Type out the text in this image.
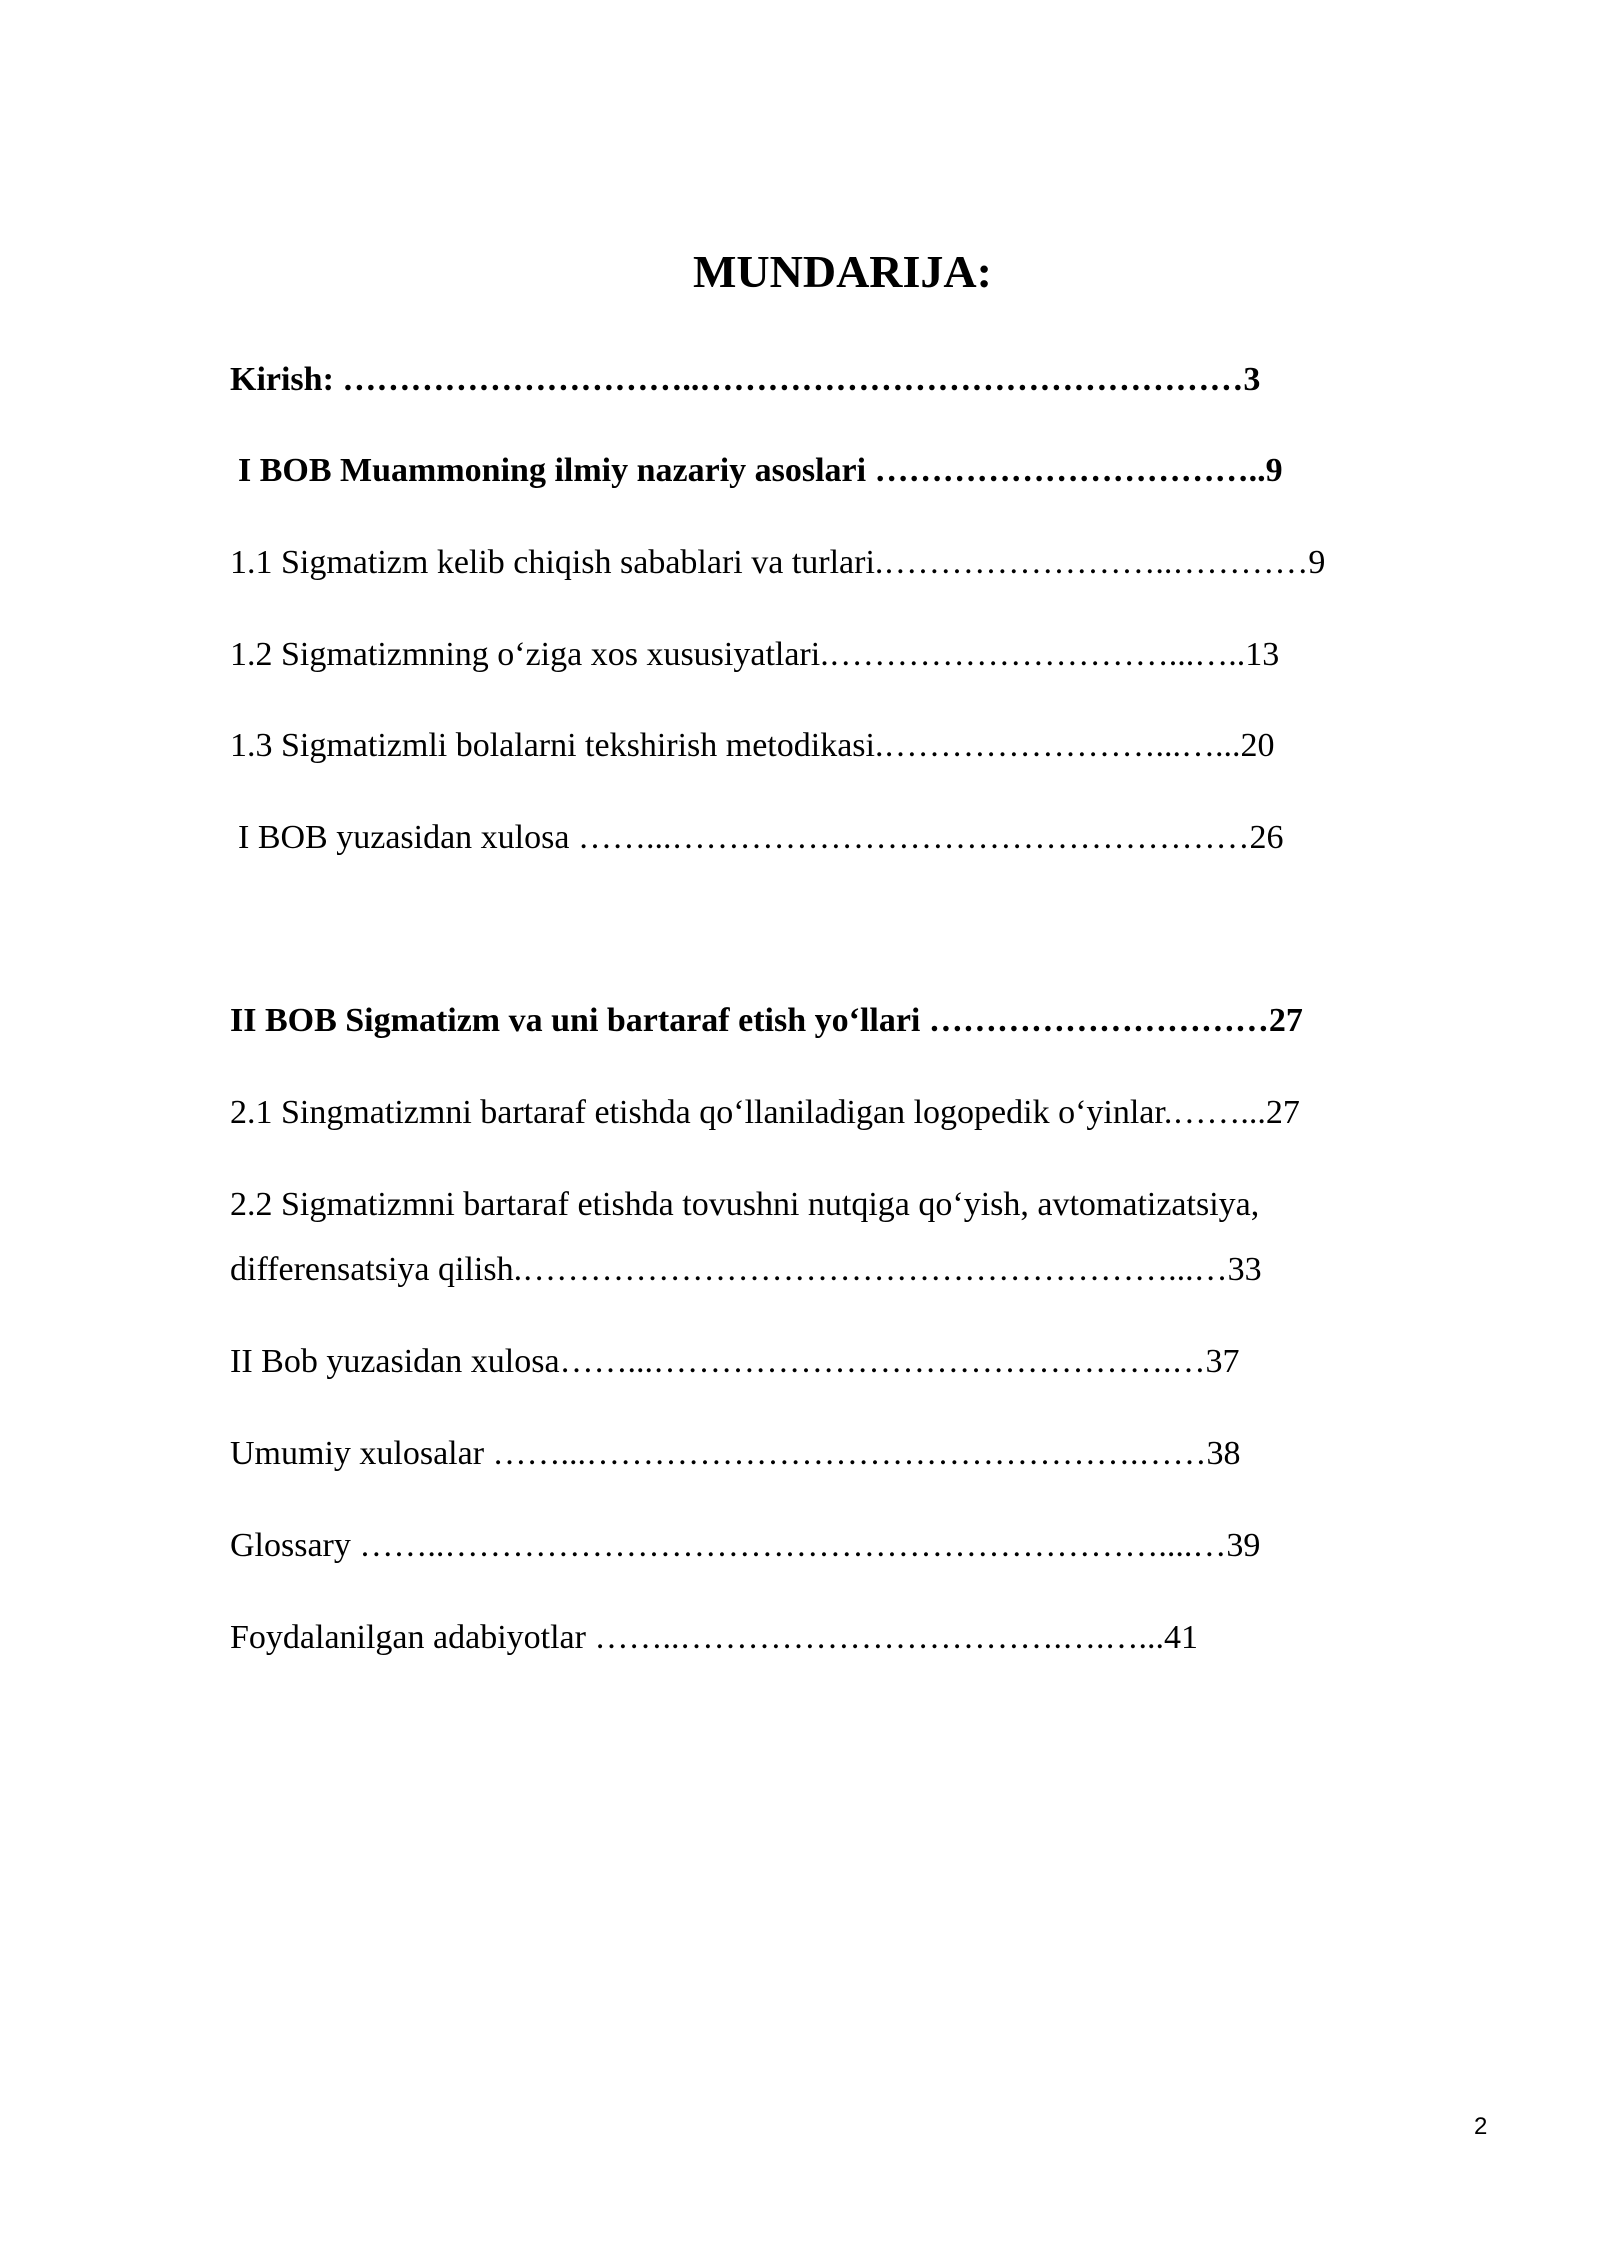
MUNDARIJA:
Kirish: …………………………..…………………………………………3
I BOB Muammoning ilmiy nazariy asoslari ……………………………..9
1.1 Sigmatizm kelib chiqish sabablari va turlari.……………………..…………9
1.2 Sigmatizmning o‘ziga xos xususiyatlari.…………………………...…..13
1.3 Sigmatizmli bolalarni tekshirish metodikasi.……………………...…...20
I BOB yuzasidan xulosa ……...……………………………………………26
II BOB Sigmatizm va uni bartaraf etish yo‘llari …………………………27
2.1 Singmatizmni bartaraf etishda qo‘llaniladigan logopedik o‘yinlar.……...27
2.2 Sigmatizmni bartaraf etishda tovushni nutqiga qo‘yish, avtomatizatsiya,
differensatsiya qilish.…………………………………………………...…33
II Bob yuzasidan xulosa……...……………………………………….…37
Umumiy xulosalar ……...………………………………………….……38
Glossary ……..………………………………………………………....…39
Foydalanilgan adabiyotlar ……..…………………………….….…...41
2
